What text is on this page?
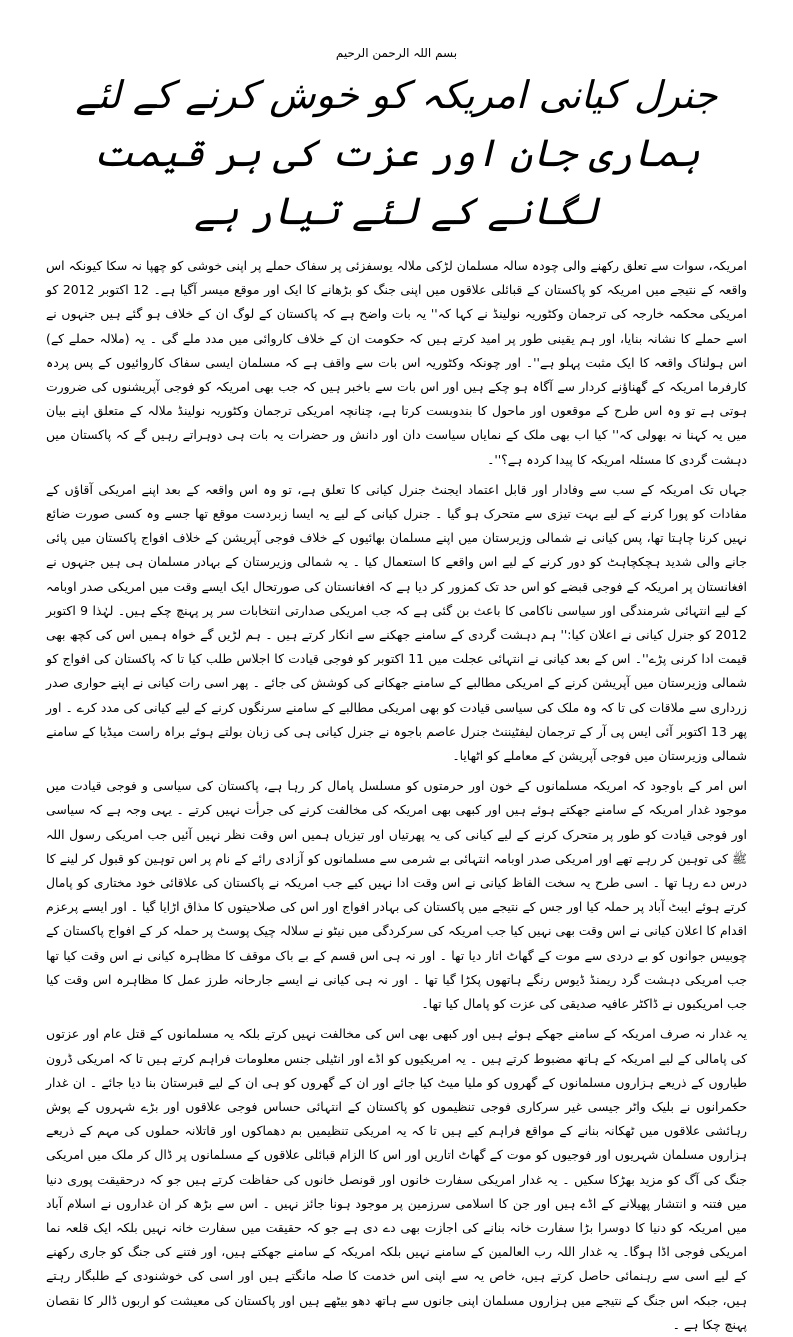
بسم اللہ الرحمن الرحیم
جنرل کیانی امریکہ کو خوش کرنے کے لئے
ہماری جان اور عزت کی ہر قیمت لگانے کے لئے تیار ہے

امریکہ، سوات سے تعلق رکھنے والی چودہ سالہ مسلمان لڑکی ملالہ یوسفزئی پر سفاک حملے پر اپنی خوشی کو چھپا نہ سکا کیونکہ اس واقعہ کے نتیجے میں امریکہ کو پاکستان کے قبائلی علاقوں میں اپنی جنگ کو بڑھانے کا ایک اور موقع میسر آگیا ہے۔ 12 اکتوبر 2012 کو امریکی محکمہ خارجہ کی ترجمان وکٹوریہ نولینڈ نے کہا کہ'' یہ بات واضح ہے کہ پاکستان کے لوگ ان کے خلاف ہو گئے ہیں جنہوں نے اسے حملے کا نشانہ بنایا، اور ہم یقینی طور پر امید کرتے ہیں کہ حکومت ان کے خلاف کاروائی میں مدد ملے گی ۔ یہ (ملالہ حملے کے) اس ہولناک واقعہ کا ایک مثبت پہلو ہے''۔ اور چونکہ وکٹوریہ اس بات سے واقف ہے کہ مسلمان ایسی سفاک کاروائیوں کے پس پردہ کارفرما امریکہ کے گھناؤنے کردار سے آگاہ ہو چکے ہیں اور اس بات سے باخبر ہیں کہ جب بھی امریکہ کو فوجی آپریشنوں کی ضرورت ہوتی ہے تو وہ اس طرح کے موقعوں اور ماحول کا بندوبست کرتا ہے، چنانچہ امریکی ترجمان وکٹوریہ نولینڈ ملالہ کے متعلق اپنے بیان میں یہ کہنا نہ بھولی کہ'' کیا اب بھی ملک کے نمایاں سیاست دان اور دانش ور حضرات یہ بات ہی دوہراتے رہیں گے کہ پاکستان میں دہشت گردی کا مسئلہ امریکہ کا پیدا کردہ ہے؟''۔

جہاں تک امریکہ کے سب سے وفادار اور قابل اعتماد ایجنٹ جنرل کیانی کا تعلق ہے، تو وہ اس واقعہ کے بعد اپنے امریکی آقاؤں کے مفادات کو پورا کرنے کے لیے بہت تیزی سے متحرک ہو گیا ۔ جنرل کیانی کے لیے یہ ایسا زبردست موقع تھا جسے وہ کسی صورت ضائع نہیں کرنا چاہتا تھا، پس کیانی نے شمالی وزیرستان میں اپنے مسلمان بھائیوں کے خلاف فوجی آپریشن کے خلاف افواج پاکستان میں پائی جانے والی شدید ہچکچاہٹ کو دور کرنے کے لیے اس واقعے کا استعمال کیا ۔ یہ شمالی وزیرستان کے بہادر مسلمان ہی ہیں جنہوں نے افغانستان پر امریکہ کے فوجی قبضے کو اس حد تک کمزور کر دیا ہے کہ افغانستان کی صورتحال ایک ایسے وقت میں امریکی صدر اوبامہ کے لیے انتہائی شرمندگی اور سیاسی ناکامی کا باعث بن گئی ہے کہ جب امریکی صدارتی انتخابات سر پر پہنچ چکے ہیں۔ لہٰذا 9 اکتوبر 2012 کو جنرل کیانی نے اعلان کیا:'' ہم دہشت گردی کے سامنے جھکنے سے انکار کرتے ہیں ۔ ہم لڑیں گے خواہ ہمیں اس کی کچھ بھی قیمت ادا کرنی پڑے''۔ اس کے بعد کیانی نے انتہائی عجلت میں 11 اکتوبر کو فوجی قیادت کا اجلاس طلب کیا تا کہ پاکستان کی افواج کو شمالی وزیرستان میں آپریشن کرنے کے امریکی مطالبے کے سامنے جھکانے کی کوشش کی جائے ۔ پھر اسی رات کیانی نے اپنے حواری صدر زرداری سے ملاقات کی تا کہ وہ ملک کی سیاسی قیادت کو بھی امریکی مطالبے کے سامنے سرنگوں کرنے کے لیے کیانی کی مدد کرے ۔ اور پھر 13 اکتوبر آئی ایس پی آر کے ترجمان لیفٹیننٹ جنرل عاصم باجوہ نے جنرل کیانی ہی کی زبان بولتے ہوئے براہ راست میڈیا کے سامنے شمالی وزیرستان میں فوجی آپریشن کے معاملے کو اٹھایا۔

اس امر کے باوجود کہ امریکہ مسلمانوں کے خون اور حرمتوں کو مسلسل پامال کر رہا ہے، پاکستان کی سیاسی و فوجی قیادت میں موجود غدار امریکہ کے سامنے جھکتے ہوئے ہیں اور کبھی بھی امریکہ کی مخالفت کرنے کی جرأت نہیں کرتے ۔ یہی وجہ ہے کہ سیاسی اور فوجی قیادت کو طور پر متحرک کرنے کے لیے کیانی کی یہ پھرتیاں اور تیزیاں ہمیں اس وقت نظر نہیں آئیں جب امریکی رسول اللہ ﷺ کی توہین کر رہے تھے اور امریکی صدر اوبامہ انتہائی بے شرمی سے مسلمانوں کو آزادی رائے کے نام پر اس توہین کو قبول کر لینے کا درس دے رہا تھا ۔ اسی طرح یہ سخت الفاظ کیانی نے اس وقت ادا نہیں کیے جب امریکہ نے پاکستان کی علاقائی خود مختاری کو پامال کرتے ہوئے ایبٹ آباد پر حملہ کیا اور جس کے نتیجے میں پاکستان کی بہادر افواج اور اس کی صلاحیتوں کا مذاق اڑایا گیا ۔ اور ایسے پرعزم اقدام کا اعلان کیانی نے اس وقت بھی نہیں کیا جب امریکہ کی سرکردگی میں نیٹو نے سلالہ چیک پوسٹ پر حملہ کر کے افواج پاکستان کے چوبیس جوانوں کو بے دردی سے موت کے گھاٹ اتار دیا تھا ۔ اور نہ ہی اس قسم کے بے باک موقف کا مظاہرہ کیانی نے اس وقت کیا تھا جب امریکی دہشت گرد ریمنڈ ڈیوس رنگے ہاتھوں پکڑا گیا تھا ۔ اور نہ ہی کیانی نے ایسے جارحانہ طرز عمل کا مظاہرہ اس وقت کیا جب امریکیوں نے ڈاکٹر عافیہ صدیقی کی عزت کو پامال کیا تھا۔

یہ غدار نہ صرف امریکہ کے سامنے جھکے ہوئے ہیں اور کبھی بھی اس کی مخالفت نہیں کرتے بلکہ یہ مسلمانوں کے قتل عام اور عزتوں کی پامالی کے لیے امریکہ کے ہاتھ مضبوط کرتے ہیں ۔ یہ امریکیوں کو اڈے اور انٹیلی جنس معلومات فراہم کرتے ہیں تا کہ امریکی ڈرون طیاروں کے ذریعے ہزاروں مسلمانوں کے گھروں کو ملیا میٹ کیا جائے اور ان کے گھروں کو ہی ان کے لیے قبرستان بنا دیا جائے ۔ ان غدار حکمرانوں نے بلیک واٹر جیسی غیر سرکاری فوجی تنظیموں کو پاکستان کے انتہائی حساس فوجی علاقوں اور بڑے شہروں کے پوش رہائشی علاقوں میں ٹھکانہ بنانے کے مواقع فراہم کیے ہیں تا کہ یہ امریکی تنظیمیں بم دھماکوں اور قاتلانہ حملوں کی مہم کے ذریعے ہزاروں مسلمان شہریوں اور فوجیوں کو موت کے گھاٹ اتاریں اور اس کا الزام قبائلی علاقوں کے مسلمانوں پر ڈال کر ملک میں امریکی جنگ کی آگ کو مزید بھڑکا سکیں ۔ یہ غدار امریکی سفارت خانوں اور قونصل خانوں کی حفاظت کرتے ہیں جو کہ درحقیقت پوری دنیا میں فتنہ و انتشار پھیلانے کے اڈے ہیں اور جن کا اسلامی سرزمین پر موجود ہونا جائز نہیں ۔ اس سے بڑھ کر ان غداروں نے اسلام آباد میں امریکہ کو دنیا کا دوسرا بڑا سفارت خانہ بنانے کی اجازت بھی دے دی ہے جو کہ حقیقت میں سفارت خانہ نہیں بلکہ ایک قلعہ نما امریکی فوجی اڈا ہوگا۔ یہ غدار اللہ رب العالمین کے سامنے نہیں بلکہ امریکہ کے سامنے جھکتے ہیں، اور فتنے کی جنگ کو جاری رکھنے کے لیے اسی سے رہنمائی حاصل کرتے ہیں، خاص یہ سے اپنی اس خدمت کا صلہ مانگتے ہیں اور اسی کی خوشنودی کے طلبگار رہتے ہیں، جبکہ اس جنگ کے نتیجے میں ہزاروں مسلمان اپنی جانوں سے ہاتھ دھو بیٹھے ہیں اور پاکستان کی معیشت کو اربوں ڈالر کا نقصان پہنچ چکا ہے ۔
